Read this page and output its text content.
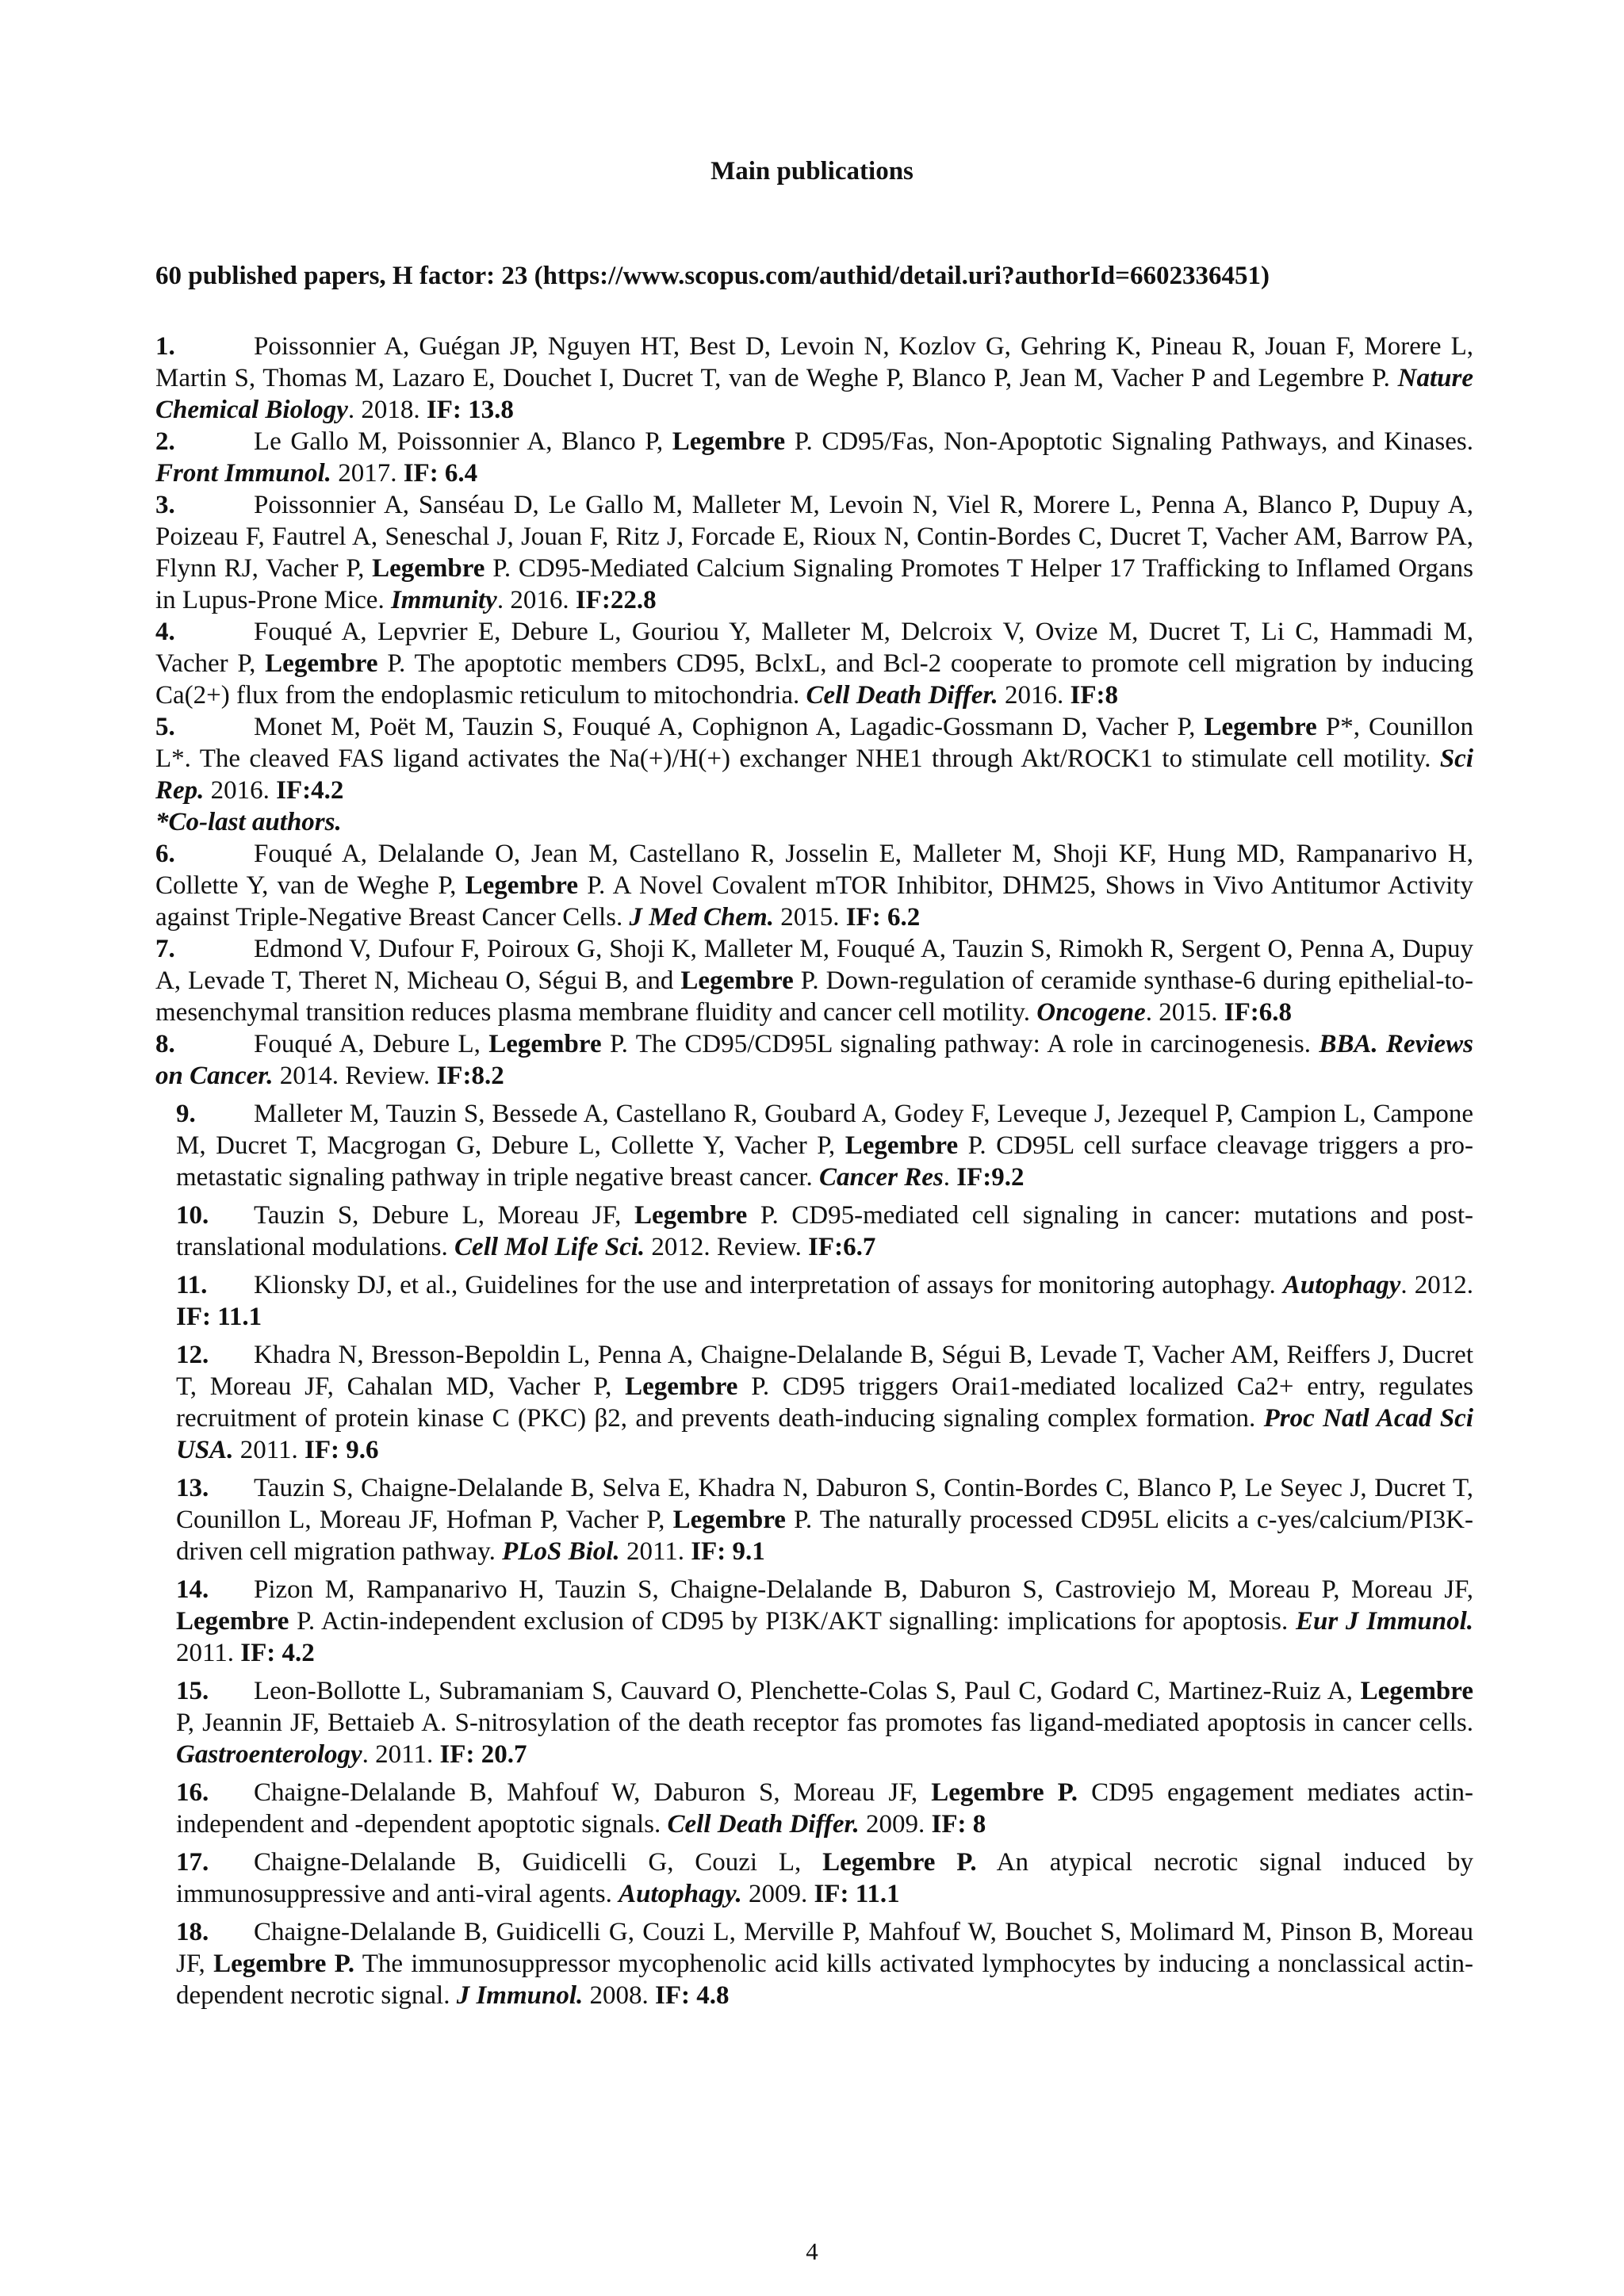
Main publications
60 published papers, H factor: 23 (https://www.scopus.com/authid/detail.uri?authorId=6602336451)

1.	Poissonnier A, Guégan JP, Nguyen HT, Best D, Levoin N, Kozlov G, Gehring K, Pineau R, Jouan F, Morere L, Martin S, Thomas M, Lazaro E, Douchet I, Ducret T, van de Weghe P, Blanco P, Jean M, Vacher P and Legembre P. Nature Chemical Biology. 2018. IF: 13.8

2.	Le Gallo M, Poissonnier A, Blanco P, Legembre P. CD95/Fas, Non-Apoptotic Signaling Pathways, and Kinases. Front Immunol. 2017. IF: 6.4

3.	Poissonnier A, Sanséau D, Le Gallo M, Malleter M, Levoin N, Viel R, Morere L, Penna A, Blanco P, Dupuy A, Poizeau F, Fautrel A, Seneschal J, Jouan F, Ritz J, Forcade E, Rioux N, Contin-Bordes C, Ducret T, Vacher AM, Barrow PA, Flynn RJ, Vacher P, Legembre P. CD95-Mediated Calcium Signaling Promotes T Helper 17 Trafficking to Inflamed Organs in Lupus-Prone Mice. Immunity. 2016. IF:22.8

4.	Fouqué A, Lepvrier E, Debure L, Gouriou Y, Malleter M, Delcroix V, Ovize M, Ducret T, Li C, Hammadi M, Vacher P, Legembre P. The apoptotic members CD95, BclxL, and Bcl-2 cooperate to promote cell migration by inducing Ca(2+) flux from the endoplasmic reticulum to mitochondria. Cell Death Differ. 2016. IF:8

5.	Monet M, Poët M, Tauzin S, Fouqué A, Cophignon A, Lagadic-Gossmann D, Vacher P, Legembre P*, Counillon L*. The cleaved FAS ligand activates the Na(+)/H(+) exchanger NHE1 through Akt/ROCK1 to stimulate cell motility. Sci Rep. 2016. IF:4.2

*Co-last authors.

6.	Fouqué A, Delalande O, Jean M, Castellano R, Josselin E, Malleter M, Shoji KF, Hung MD, Rampanarivo H, Collette Y, van de Weghe P, Legembre P. A Novel Covalent mTOR Inhibitor, DHM25, Shows in Vivo Antitumor Activity against Triple-Negative Breast Cancer Cells. J Med Chem. 2015. IF: 6.2

7.	Edmond V, Dufour F, Poiroux G, Shoji K, Malleter M, Fouqué A, Tauzin S, Rimokh R, Sergent O, Penna A, Dupuy A, Levade T, Theret N, Micheau O, Ségui B, and Legembre P. Down-regulation of ceramide synthase-6 during epithelial-to-mesenchymal transition reduces plasma membrane fluidity and cancer cell motility. Oncogene. 2015. IF:6.8

8.	Fouqué A, Debure L, Legembre P. The CD95/CD95L signaling pathway: A role in carcinogenesis. BBA. Reviews on Cancer. 2014. Review. IF:8.2

9. Malleter M, Tauzin S, Bessede A, Castellano R, Goubard A, Godey F, Leveque J, Jezequel P, Campion L, Campone M, Ducret T, Macgrogan G, Debure L, Collette Y, Vacher P, Legembre P. CD95L cell surface cleavage triggers a pro-metastatic signaling pathway in triple negative breast cancer. Cancer Res. IF:9.2

10. Tauzin S, Debure L, Moreau JF, Legembre P. CD95-mediated cell signaling in cancer: mutations and post-translational modulations. Cell Mol Life Sci. 2012. Review. IF:6.7

11. Klionsky DJ, et al., Guidelines for the use and interpretation of assays for monitoring autophagy. Autophagy. 2012. IF: 11.1

12. Khadra N, Bresson-Bepoldin L, Penna A, Chaigne-Delalande B, Ségui B, Levade T, Vacher AM, Reiffers J, Ducret T, Moreau JF, Cahalan MD, Vacher P, Legembre P. CD95 triggers Orai1-mediated localized Ca2+ entry, regulates recruitment of protein kinase C (PKC) β2, and prevents death-inducing signaling complex formation. Proc Natl Acad Sci USA. 2011. IF: 9.6

13. Tauzin S, Chaigne-Delalande B, Selva E, Khadra N, Daburon S, Contin-Bordes C, Blanco P, Le Seyec J, Ducret T, Counillon L, Moreau JF, Hofman P, Vacher P, Legembre P. The naturally processed CD95L elicits a c-yes/calcium/PI3K-driven cell migration pathway. PLoS Biol. 2011. IF: 9.1

14. Pizon M, Rampanarivo H, Tauzin S, Chaigne-Delalande B, Daburon S, Castroviejo M, Moreau P, Moreau JF, Legembre P. Actin-independent exclusion of CD95 by PI3K/AKT signalling: implications for apoptosis. Eur J Immunol. 2011. IF: 4.2

15. Leon-Bollotte L, Subramaniam S, Cauvard O, Plenchette-Colas S, Paul C, Godard C, Martinez-Ruiz A, Legembre P, Jeannin JF, Bettaieb A. S-nitrosylation of the death receptor fas promotes fas ligand-mediated apoptosis in cancer cells. Gastroenterology. 2011. IF: 20.7

16. Chaigne-Delalande B, Mahfouf W, Daburon S, Moreau JF, Legembre P. CD95 engagement mediates actin-independent and -dependent apoptotic signals. Cell Death Differ. 2009. IF: 8

17. Chaigne-Delalande B, Guidicelli G, Couzi L, Legembre P. An atypical necrotic signal induced by immunosuppressive and anti-viral agents. Autophagy. 2009. IF: 11.1

18. Chaigne-Delalande B, Guidicelli G, Couzi L, Merville P, Mahfouf W, Bouchet S, Molimard M, Pinson B, Moreau JF, Legembre P. The immunosuppressor mycophenolic acid kills activated lymphocytes by inducing a nonclassical actin-dependent necrotic signal. J Immunol. 2008. IF: 4.8

4
